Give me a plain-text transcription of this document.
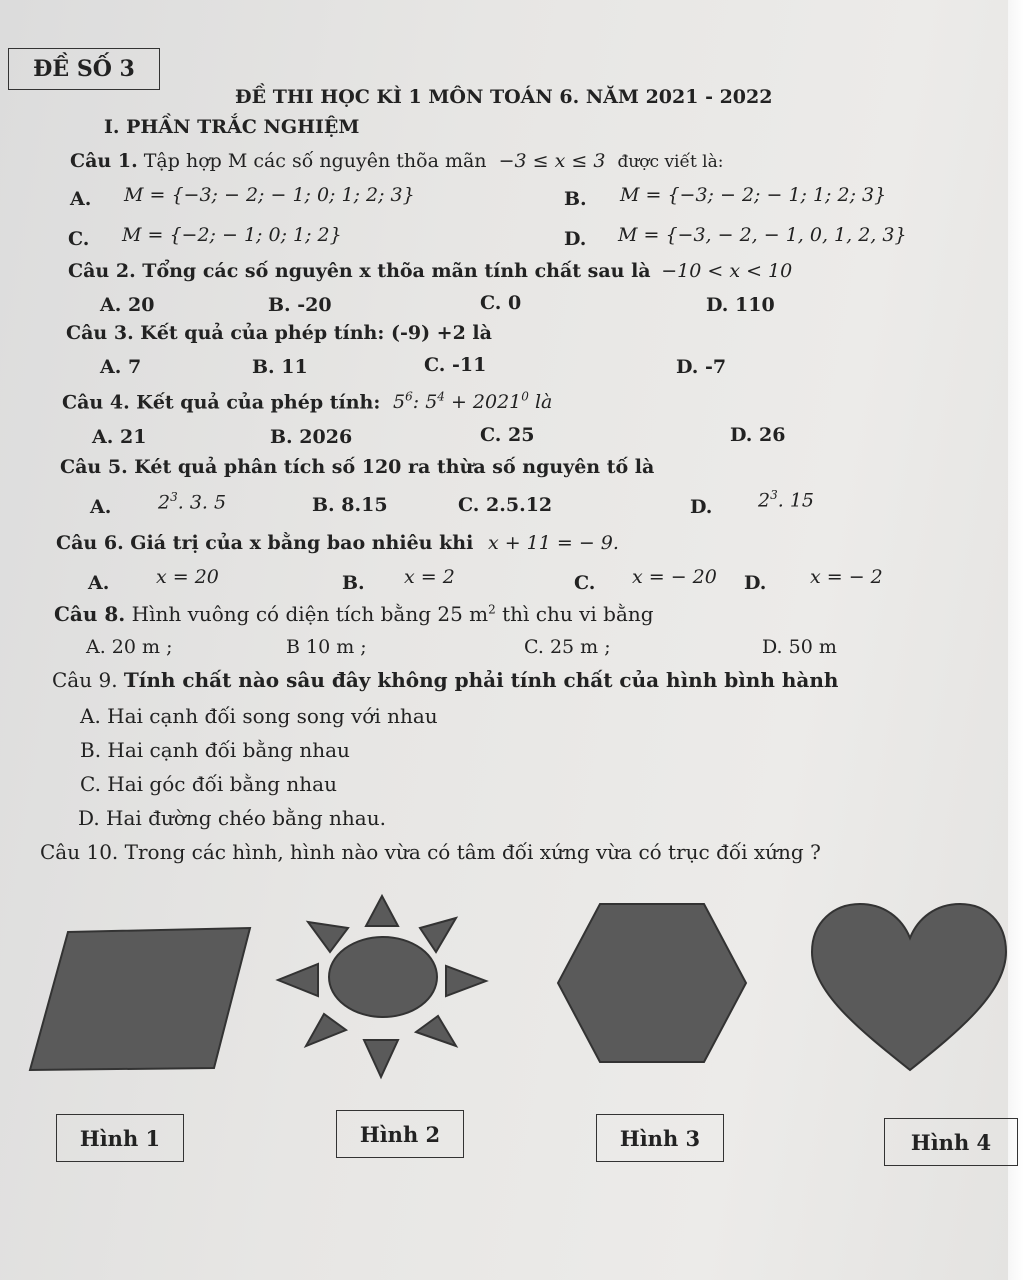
ĐỀ SỐ 3
ĐỀ THI HỌC KÌ 1 MÔN TOÁN 6. NĂM 2021 - 2022
I. PHẦN TRẮC NGHIỆM
Câu 1. Tập hợp M các số nguyên thõa mãn −3 ≤ x ≤ 3 được viết là:
A. M = {−3; − 2; − 1; 0; 1; 2; 3}	B. M = {−3; − 2; − 1; 1; 2; 3}
C. M = {−2; − 1; 0; 1; 2}	D. M = {−3, − 2, − 1, 0, 1, 2, 3}
Câu 2. Tổng các số nguyên x thõa mãn tính chất sau là −10 < x < 10
A. 20	B. -20	C. 0	D. 110
Câu 3. Kết quả của phép tính: (-9) +2 là
A. 7	B. 11	C. -11	D. -7
Câu 4. Kết quả của phép tính: $5^6$: $5^4 + 2021^0$ là
A. 21	B. 2026	C. 25	D. 26
Câu 5. Két quả phân tích số 120 ra thừa số nguyên tố là
A. $2^3$. 3. 5	B. 8.15	C. 2.5.12	D. $2^3$. 15
Câu 6. Giá trị của x bằng bao nhiêu khi x + 11 = − 9.
A. x = 20	B. x = 2	C. x = − 20 D. x = − 2
Câu 8. Hình vuông có diện tích bằng 25 $m^2$ thì chu vi bằng
A. 20 m ;	B 10 m ;	C. 25 m ;	D. 50 m
Câu 9. Tính chất nào sâu đây không phải tính chất của hình bình hành
A. Hai cạnh đối song song với nhau
B. Hai cạnh đối bằng nhau
C. Hai góc đối bằng nhau
D. Hai đường chéo bằng nhau.
Câu 10. Trong các hình, hình nào vừa có tâm đối xứng vừa có trục đối xứng ?
Hình 1	Hình 2	Hình 3	Hình 4
